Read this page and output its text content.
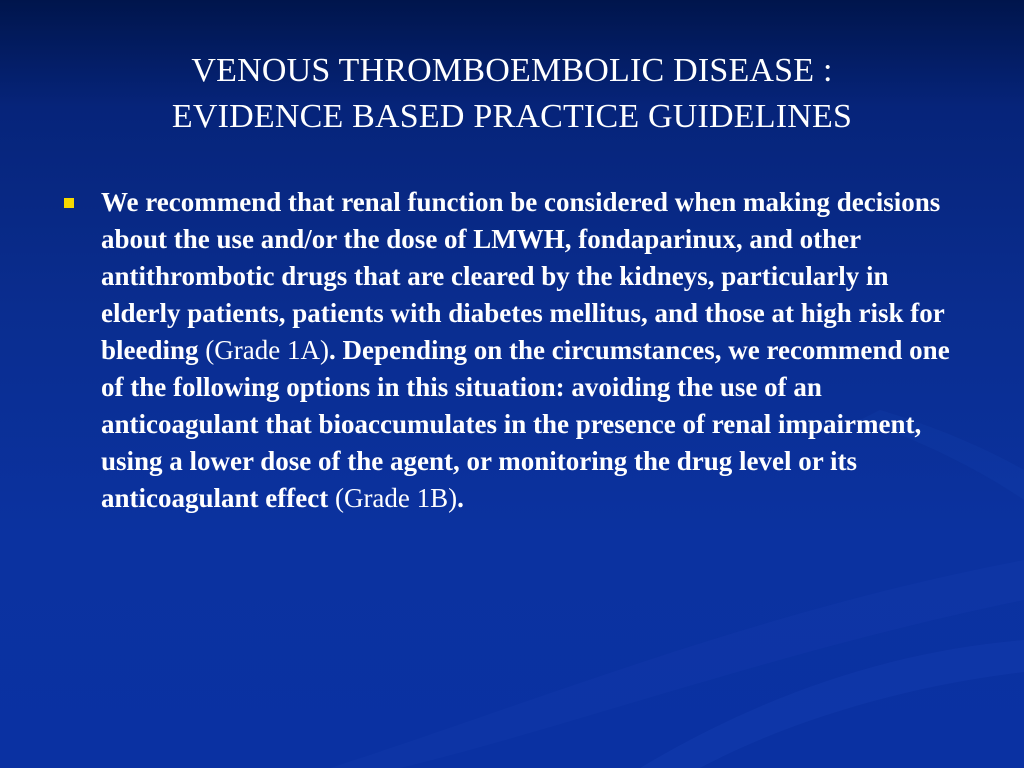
VENOUS THROMBOEMBOLIC DISEASE :
EVIDENCE BASED PRACTICE GUIDELINES
We recommend that renal function be considered when making decisions about the use and/or the dose of LMWH, fondaparinux, and other antithrombotic drugs that are cleared by the kidneys, particularly in elderly patients, patients with diabetes mellitus, and those at high risk for bleeding (Grade 1A). Depending on the circumstances, we recommend one of the following options in this situation: avoiding the use of an anticoagulant that bioaccumulates in the presence of renal impairment, using a lower dose of the agent, or monitoring the drug level or its anticoagulant effect (Grade 1B).
